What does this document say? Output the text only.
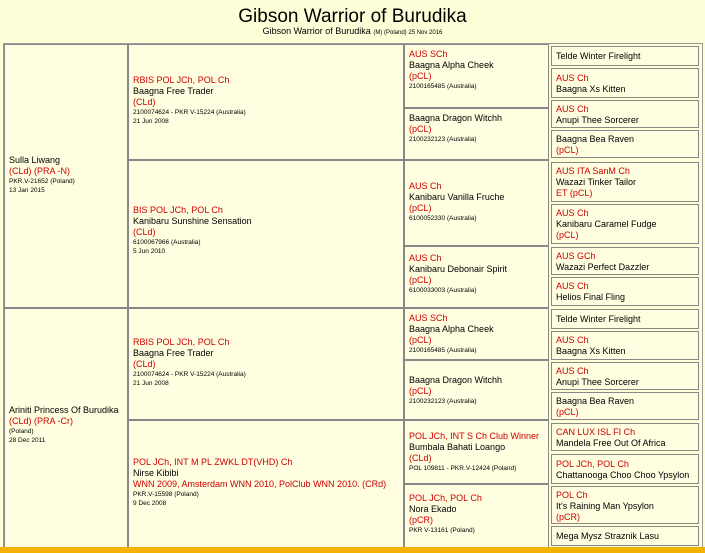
Gibson Warrior of Burudika
Gibson Warrior of Burudika (M) (Poland) 25 Nov 2016
Sulla Liwang
(CLd) (PRA -N)
PKR.V-21652 (Poland)
13 Jan 2015
Ariniti Princess Of Burudika
(CLd) (PRA -Cr)
(Poland)
28 Dec 2011
RBIS POL JCh, POL Ch
Baagna Free Trader
(CLd)
2100074624 - PKR V-15224 (Australia)
21 Jun 2008
BIS POL JCh, POL Ch
Kanibaru Sunshine Sensation
(CLd)
6100067966 (Australia)
5 Jun 2010
RBIS POL JCh, POL Ch
Baagna Free Trader
(CLd)
2100074624 - PKR V-15224 (Australia)
21 Jun 2008
POL JCh, INT M PL ZWKL DT(VHD) Ch
Nirse Kibibi
WNN 2009, Amsterdam WNN 2010, PolClub WNN 2010. (CRd)
PKR.V-15598 (Poland)
9 Dec 2008
AUS SCh
Baagna Alpha Cheek
(pCL)
2100165485 (Australia)
Baagna Dragon Witchh
(pCL)
2100232123 (Australia)
AUS Ch
Kanibaru Vanilla Fruche
(pCL)
6100052330 (Australia)
AUS Ch
Kanibaru Debonair Spirit
(pCL)
6100033003 (Australia)
AUS SCh
Baagna Alpha Cheek
(pCL)
2100165485 (Australia)
Baagna Dragon Witchh
(pCL)
2100232123 (Australia)
POL JCh, INT S Ch Club Winner
Bumbala Bahati Loango
(CLd)
POL 109811 - PKR.V-12424 (Poland)
POL JCh, POL Ch
Nora Ekado
(pCR)
PKR V-13161 (Poland)
Telde Winter Firelight
AUS Ch
Baagna Xs Kitten
AUS Ch
Anupi Thee Sorcerer
Baagna Bea Raven
(pCL)
AUS ITA SanM Ch
Wazazi Tinker Tailor
ET (pCL)
AUS Ch
Kanibaru Caramel Fudge
(pCL)
AUS GCh
Wazazi Perfect Dazzler
AUS Ch
Helios Final Fling
Telde Winter Firelight
AUS Ch
Baagna Xs Kitten
AUS Ch
Anupi Thee Sorcerer
Baagna Bea Raven
(pCL)
CAN LUX ISL FI Ch
Mandela Free Out Of Africa
POL JCh, POL Ch
Chattanooga Choo Choo Ypsylon
POL Ch
It's Raining Man Ypsylon
(pCR)
Mega Mysz Straznik Lasu
